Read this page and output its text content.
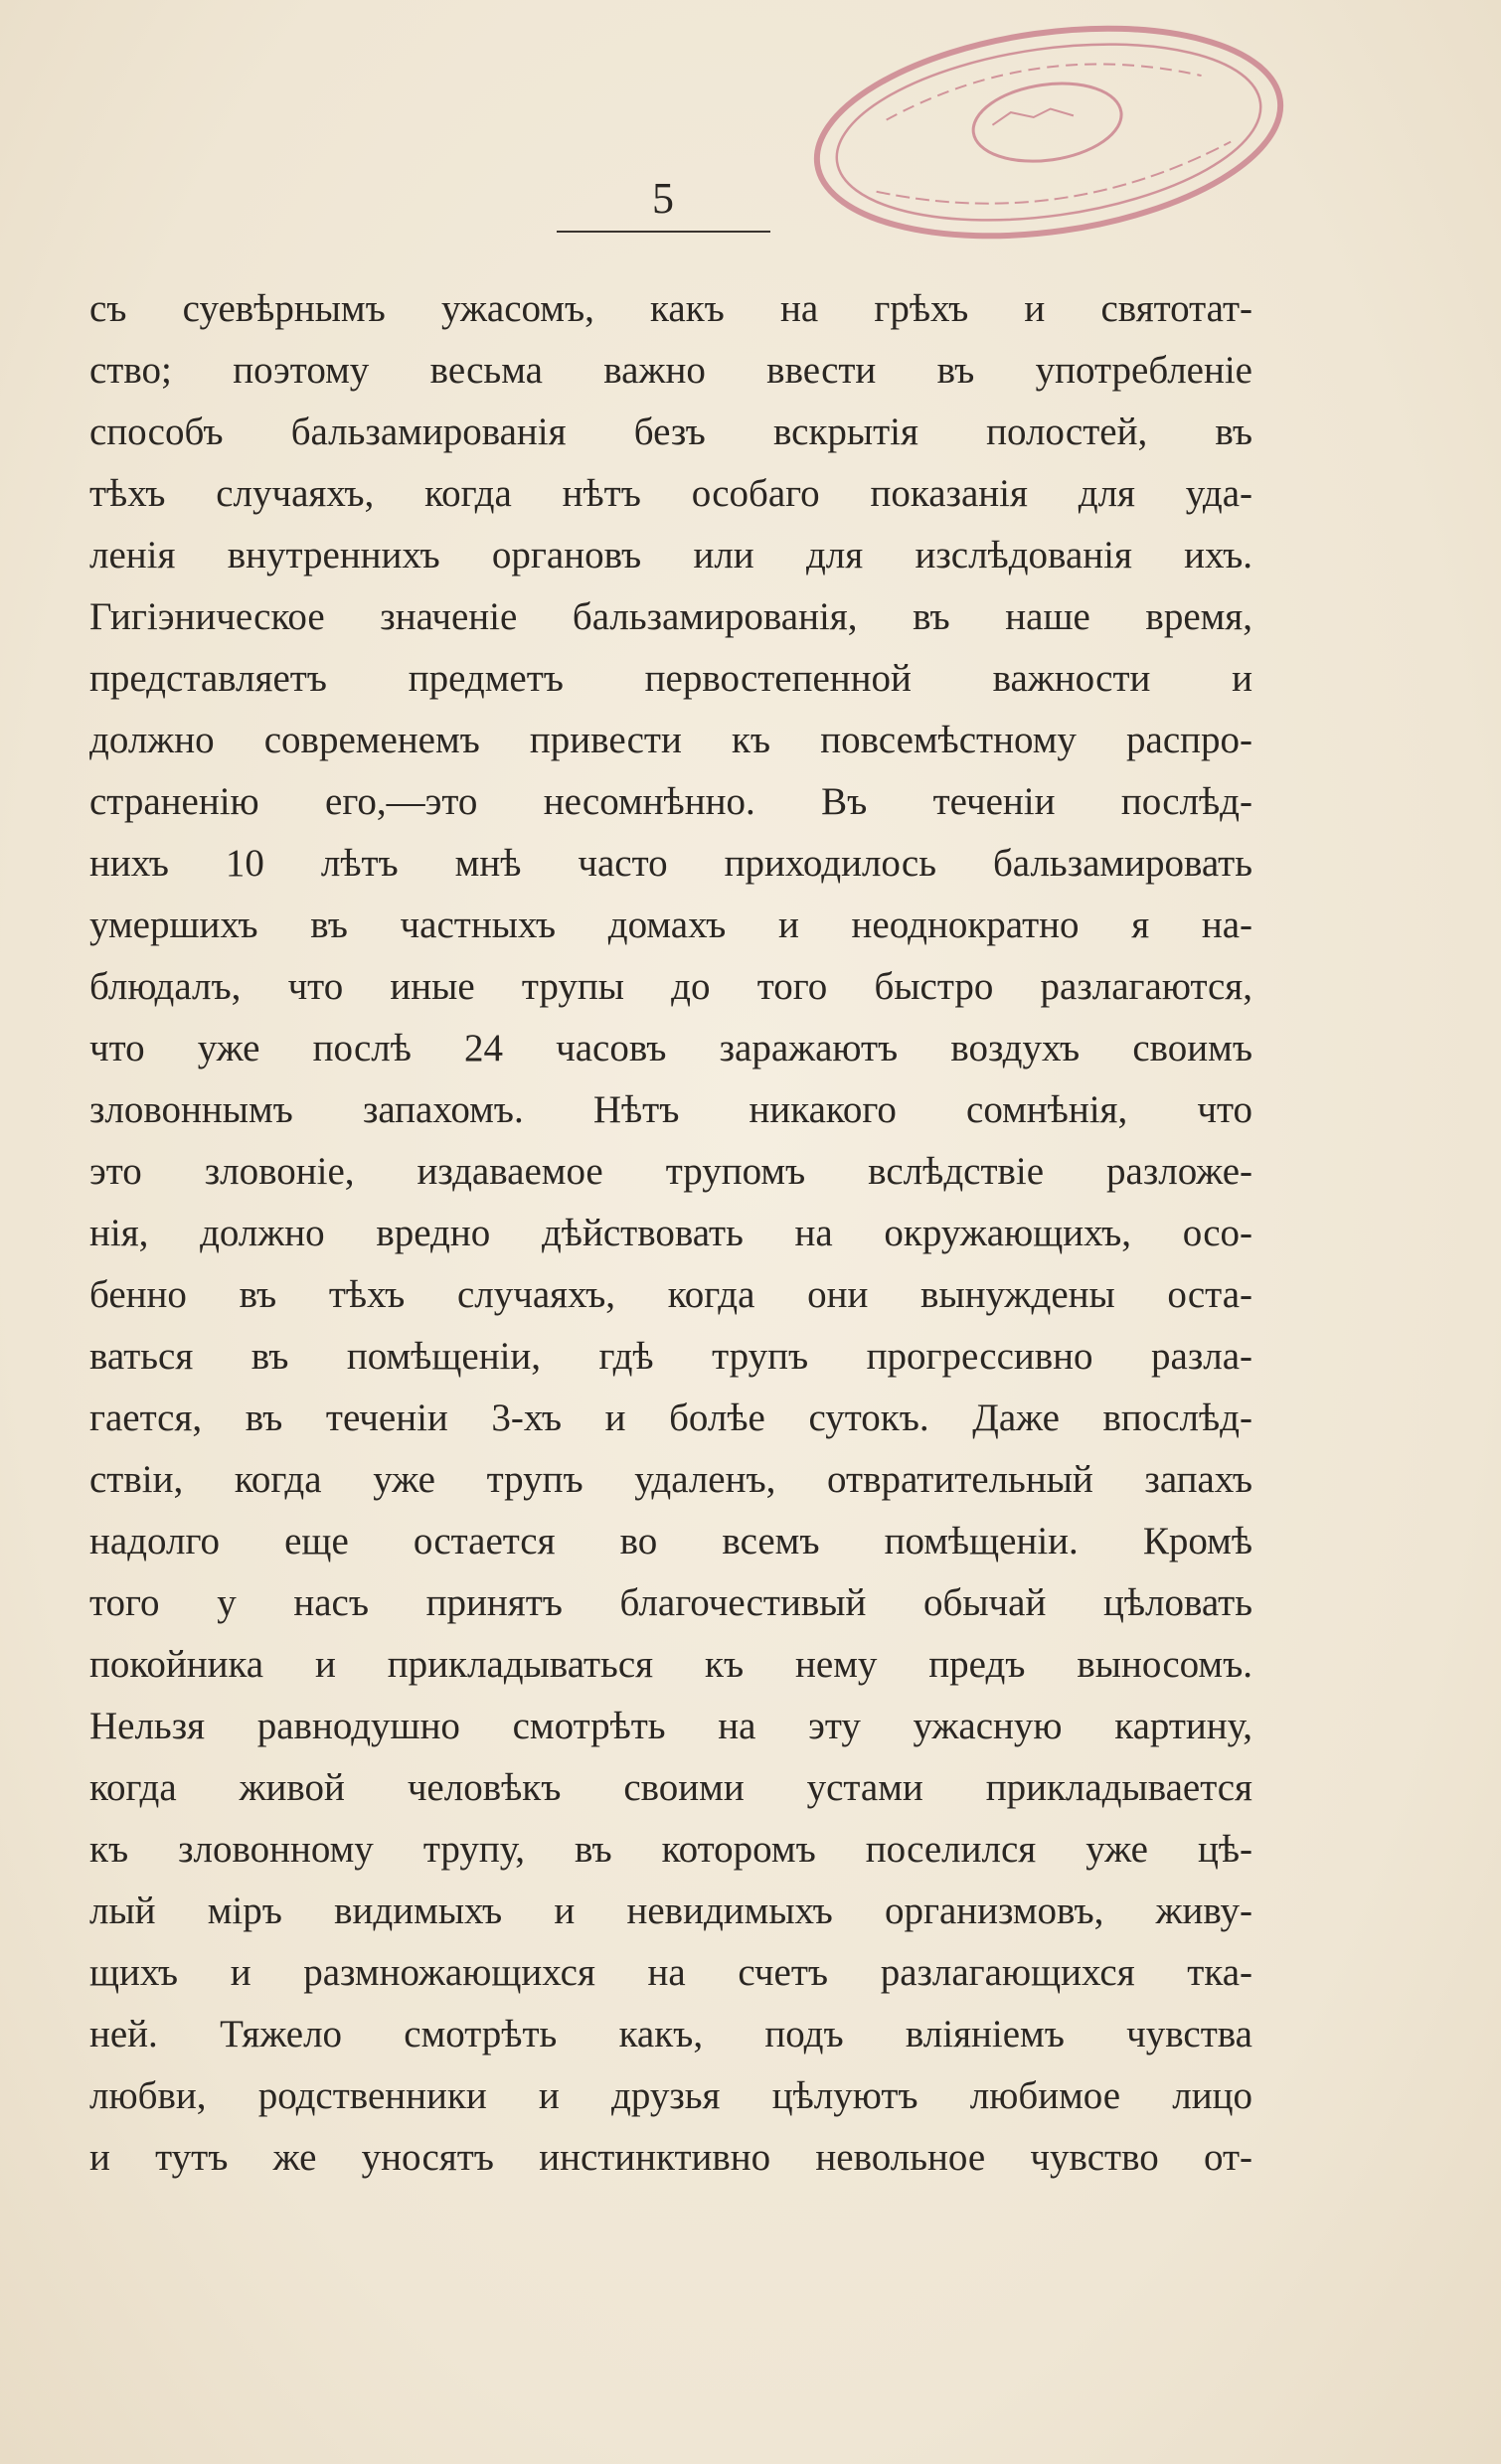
5
съ суевѣрнымъ ужасомъ, какъ на грѣхъ и святотат-
ство; поэтому весьма важно ввести въ употребленіе
способъ бальзамированія безъ вскрытія полостей, въ
тѣхъ случаяхъ, когда нѣтъ особаго показанія для уда-
ленія внутреннихъ органовъ или для изслѣдованія ихъ.
Гигіэническое значеніе бальзамированія, въ наше время,
представляетъ предметъ первостепенной важности и
должно современемъ привести къ повсемѣстному распро-
страненію его,—это несомнѣнно. Въ теченіи послѣд-
нихъ 10 лѣтъ мнѣ часто приходилось бальзамировать
умершихъ въ частныхъ домахъ и неоднократно я на-
блюдалъ, что иные трупы до того быстро разлагаются,
что уже послѣ 24 часовъ заражаютъ воздухъ своимъ
зловоннымъ запахомъ. Нѣтъ никакого сомнѣнія, что
это зловоніе, издаваемое трупомъ вслѣдствіе разложе-
нія, должно вредно дѣйствовать на окружающихъ, осо-
бенно въ тѣхъ случаяхъ, когда они вынуждены оста-
ваться въ помѣщеніи, гдѣ трупъ прогрессивно разла-
гается, въ теченіи 3-хъ и болѣе сутокъ. Даже впослѣд-
ствіи, когда уже трупъ удаленъ, отвратительный запахъ
надолго еще остается во всемъ помѣщеніи. Кромѣ
того у насъ принятъ благочестивый обычай цѣловать
покойника и прикладываться къ нему предъ выносомъ.
Нельзя равнодушно смотрѣть на эту ужасную картину,
когда живой человѣкъ своими устами прикладывается
къ зловонному трупу, въ которомъ поселился уже цѣ-
лый міръ видимыхъ и невидимыхъ организмовъ, живу-
щихъ и размножающихся на счетъ разлагающихся тка-
ней. Тяжело смотрѣть какъ, подъ вліяніемъ чувства
любви, родственники и друзья цѣлуютъ любимое лицо
и тутъ же уносятъ инстинктивно невольное чувство от-
